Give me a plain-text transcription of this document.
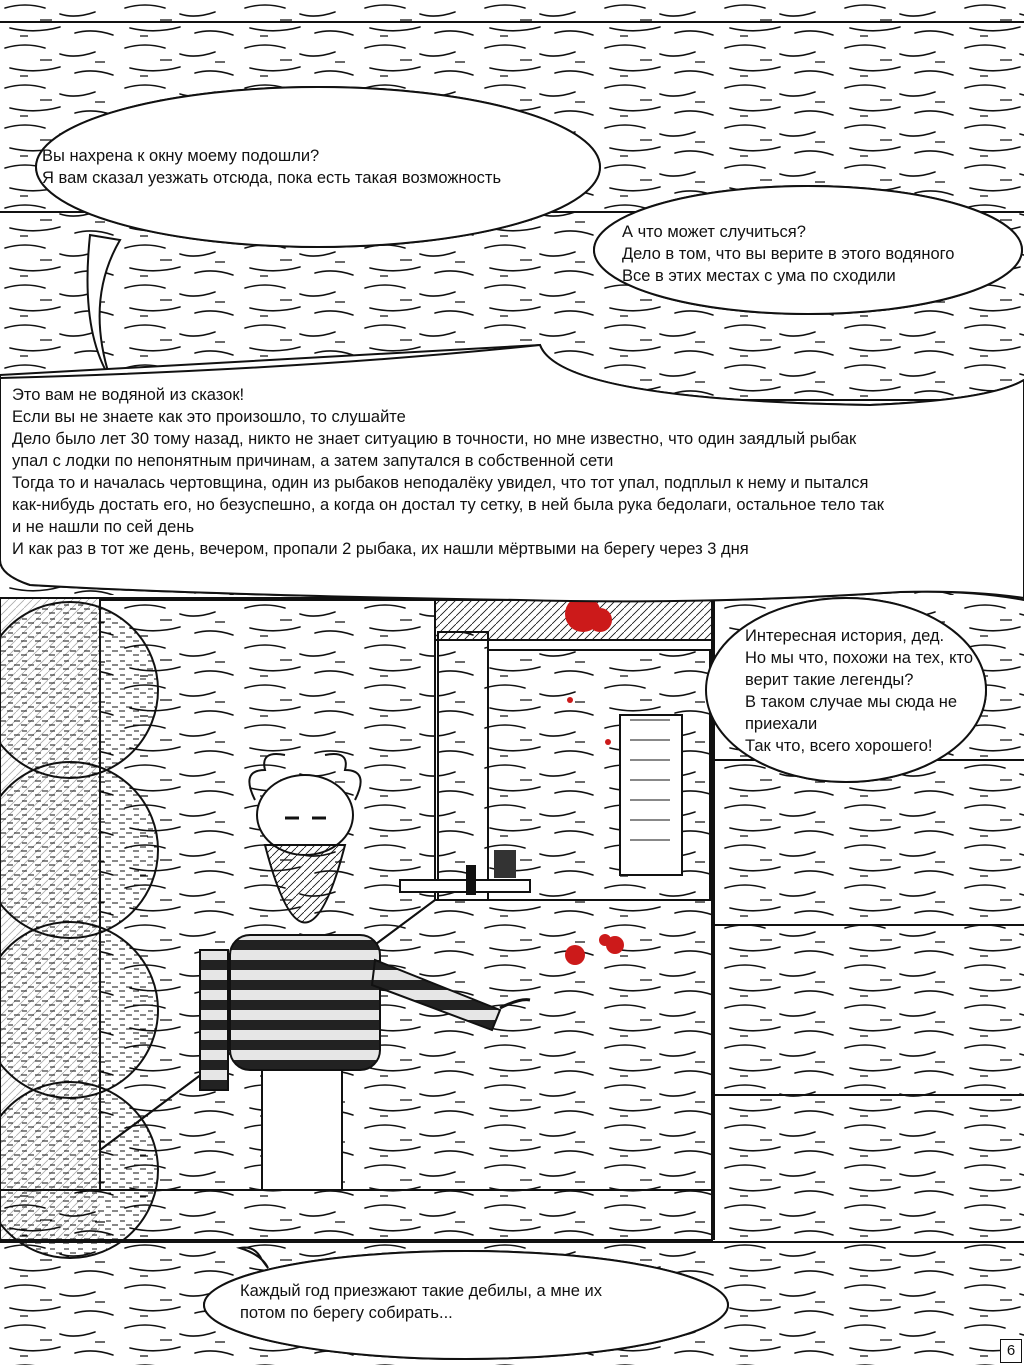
Вы нахрена к окну моему подошли?
Я вам сказал уезжать отсюда, пока есть такая возможность
А что может случиться?
Дело в том, что вы верите в этого водяного
Все в этих местах с ума по сходили
Это вам не водяной из сказок!
Если вы не знаете как это произошло, то слушайте
Дело было лет 30 тому назад, никто не знает ситуацию в точности, но мне известно, что один заядлый рыбак
упал с лодки по непонятным причинам, а затем запутался в собственной сети
Тогда то и началась чертовщина, один из рыбаков неподалёку увидел, что тот упал, подплыл к нему и пытался
как-нибудь достать его, но безуспешно, а когда он достал ту сетку, в ней была рука бедолаги, остальное тело так
и не нашли по сей день
И как раз в тот же день, вечером, пропали 2 рыбака, их нашли мёртвыми на берегу через 3 дня
Интересная история, дед.
Но мы что, похожи на тех, кто
верит такие легенды?
В таком случае мы сюда не
приехали
Так что, всего хорошего!
Каждый год приезжают такие дебилы, а мне их
потом по берегу собирать...
6
